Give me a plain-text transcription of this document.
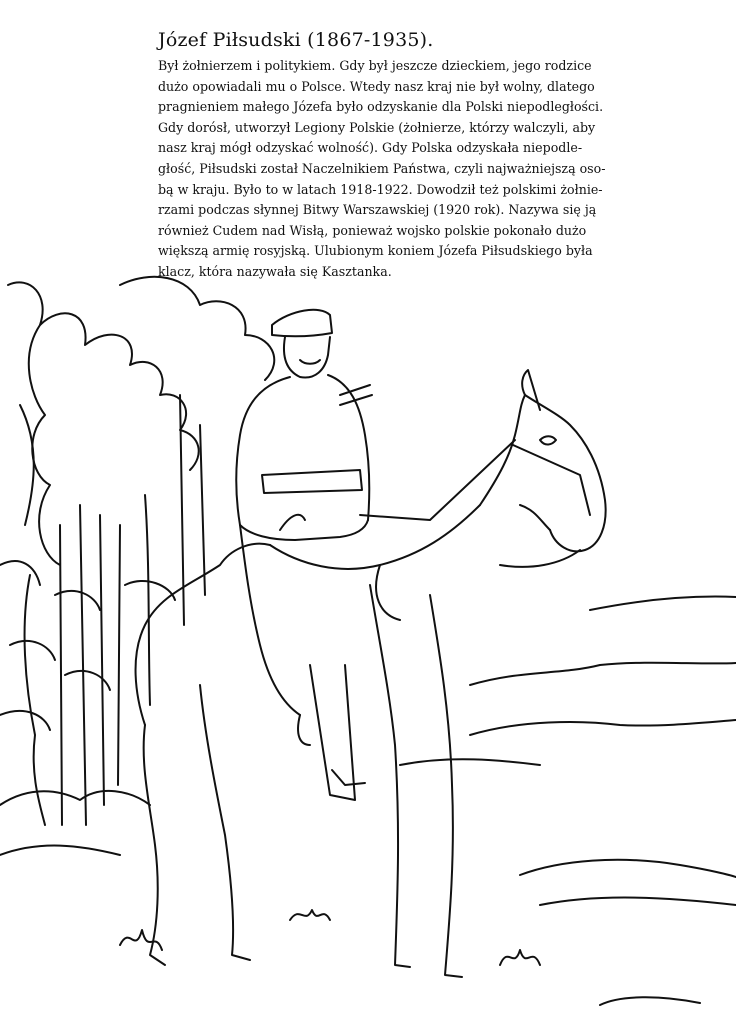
Józef Piłsudski (1867-1935).

Był żołnierzem i politykiem. Gdy był jeszcze dzieckiem, jego rodzice
dużo opowiadali mu o Polsce. Wtedy nasz kraj nie był wolny, dlatego
pragnieniem małego Józefa było odzyskanie dla Polski niepodległości.
Gdy dorósł, utworzył Legiony Polskie (żołnierze, którzy walczyli, aby
nasz kraj mógł odzyskać wolność). Gdy Polska odzyskała niepodle-
głość, Piłsudski został Naczelnikiem Państwa, czyli najważniejszą oso-
bą w kraju. Było to w latach 1918-1922. Dowodził też polskimi żołnie-
rzami podczas słynnej Bitwy Warszawskiej (1920 rok). Nazywa się ją
również Cudem nad Wisłą, ponieważ wojsko polskie pokonało dużo
większą armię rosyjską. Ulubionym koniem Józefa Piłsudskiego była
klacz, która nazywała się Kasztanka.
